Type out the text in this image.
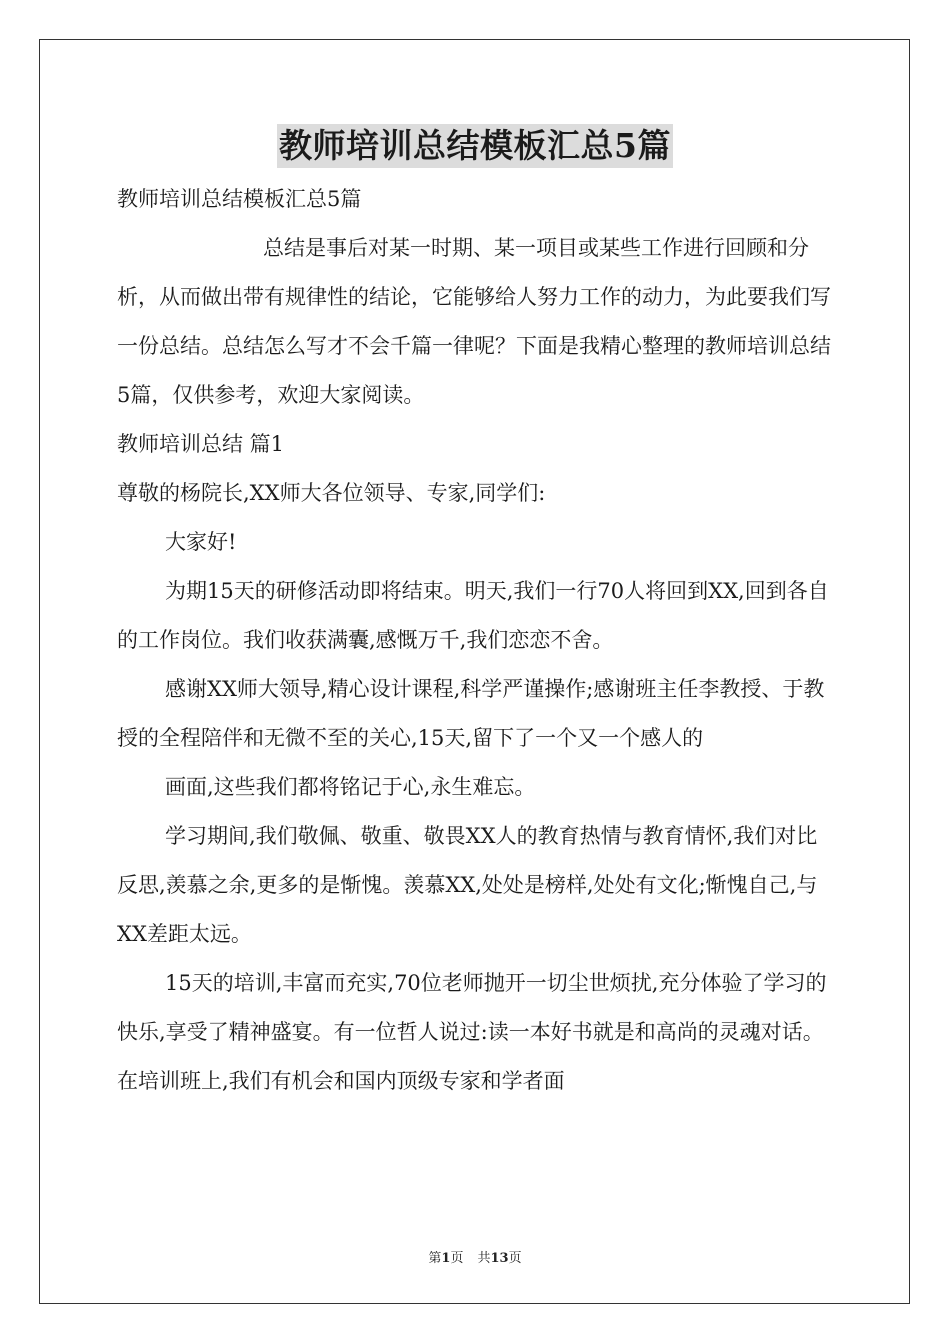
教师培训总结模板汇总5篇

教师培训总结模板汇总5篇

总结是事后对某一时期、某一项目或某些工作进行回顾和分析，从而做出带有规律性的结论，它能够给人努力工作的动力，为此要我们写一份总结。总结怎么写才不会千篇一律呢？下面是我精心整理的教师培训总结5篇，仅供参考，欢迎大家阅读。

教师培训总结 篇1

尊敬的杨院长,XX师大各位领导、专家,同学们:

大家好!

为期15天的研修活动即将结束。明天,我们一行70人将回到XX,回到各自的工作岗位。我们收获满囊,感慨万千,我们恋恋不舍。

感谢XX师大领导,精心设计课程,科学严谨操作;感谢班主任李教授、于教授的全程陪伴和无微不至的关心,15天,留下了一个又一个感人的

画面,这些我们都将铭记于心,永生难忘。

学习期间,我们敬佩、敬重、敬畏XX人的教育热情与教育情怀,我们对比反思,羡慕之余,更多的是惭愧。羡慕XX,处处是榜样,处处有文化;惭愧自己,与XX差距太远。

15天的培训,丰富而充实,70位老师抛开一切尘世烦扰,充分体验了学习的快乐,享受了精神盛宴。有一位哲人说过:读一本好书就是和高尚的灵魂对话。在培训班上,我们有机会和国内顶级专家和学者面

第1页 共13页
